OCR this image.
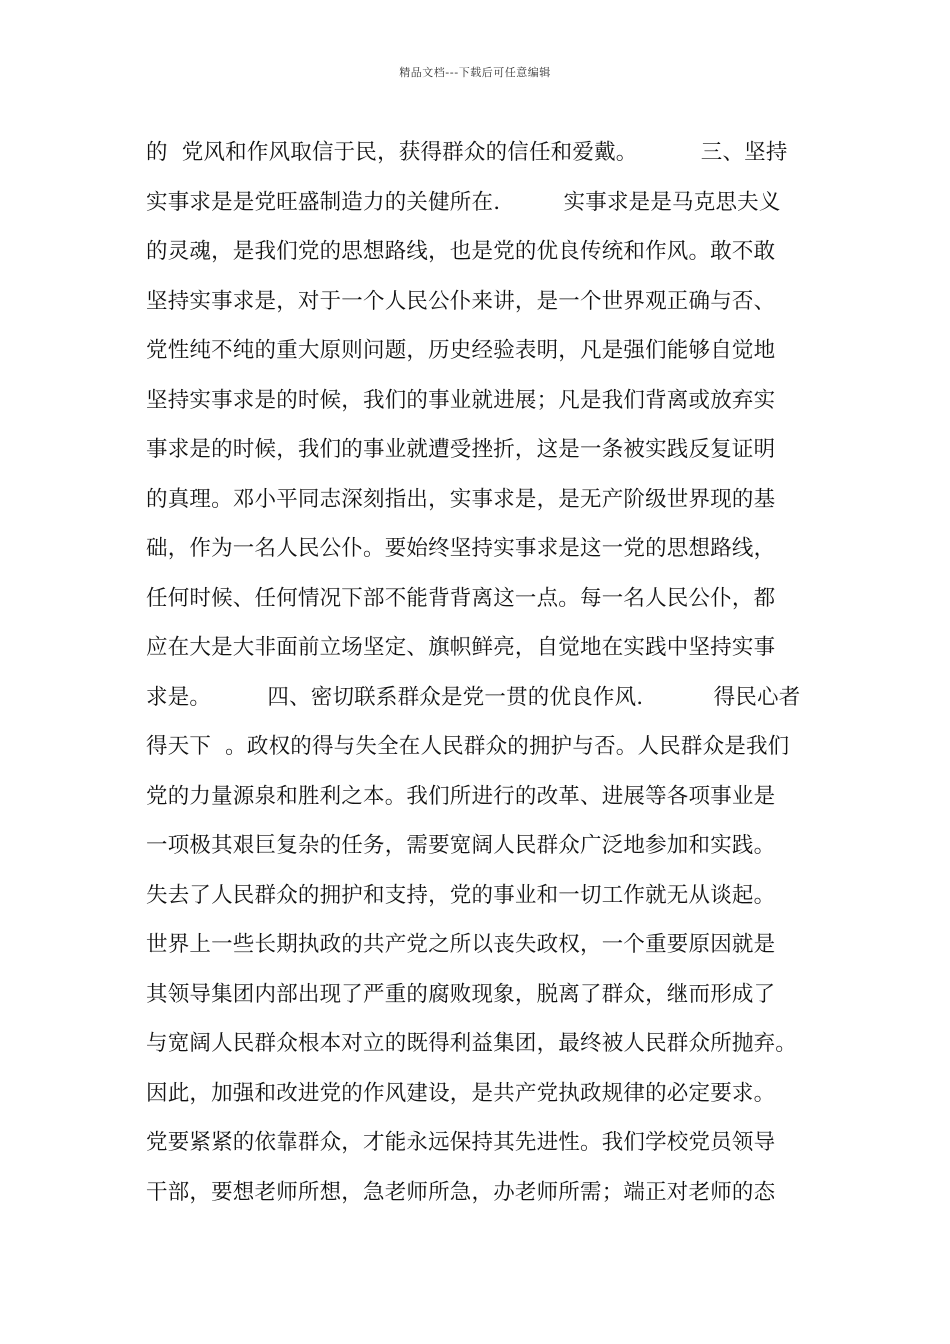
精品文档---下载后可任意编辑
的  党风和作风取信于民，获得群众的信任和爱戴。         三、坚持
实事求是是党旺盛制造力的关健所在.         实事求是是马克思夫义
的灵魂，是我们党的思想路线，也是党的优良传统和作风。敢不敢
坚持实事求是，对于一个人民公仆来讲，是一个世界观正确与否、
党性纯不纯的重大原则问题，历史经验表明，凡是强们能够自觉地
坚持实事求是的时候，我们的事业就进展；凡是我们背离或放弃实
事求是的时候，我们的事业就遭受挫折，这是一条被实践反复证明
的真理。邓小平同志深刻指出，实事求是，是无产阶级世界现的基
础，作为一名人民公仆。要始终坚持实事求是这一党的思想路线，
任何时候、任何情况下部不能背背离这一点。每一名人民公仆，都
应在大是大非面前立场坚定、旗帜鲜亮，自觉地在实践中坚持实事
求是。        四、密切联系群众是党一贯的优良作风.          得民心者
得天下  。政权的得与失全在人民群众的拥护与否。人民群众是我们
党的力量源泉和胜利之本。我们所进行的改革、进展等各项事业是
一项极其艰巨复杂的任务，需要宽阔人民群众广泛地参加和实践。
失去了人民群众的拥护和支持，党的事业和一切工作就无从谈起。
世界上一些长期执政的共产党之所以丧失政权，一个重要原因就是
其领导集团内部出现了严重的腐败现象，脱离了群众，继而形成了
与宽阔人民群众根本对立的既得利益集团，最终被人民群众所抛弃。
因此，加强和改进党的作风建设，是共产党执政规律的必定要求。
党要紧紧的依靠群众，才能永远保持其先进性。我们学校党员领导
干部，要想老师所想，急老师所急，办老师所需；端正对老师的态
